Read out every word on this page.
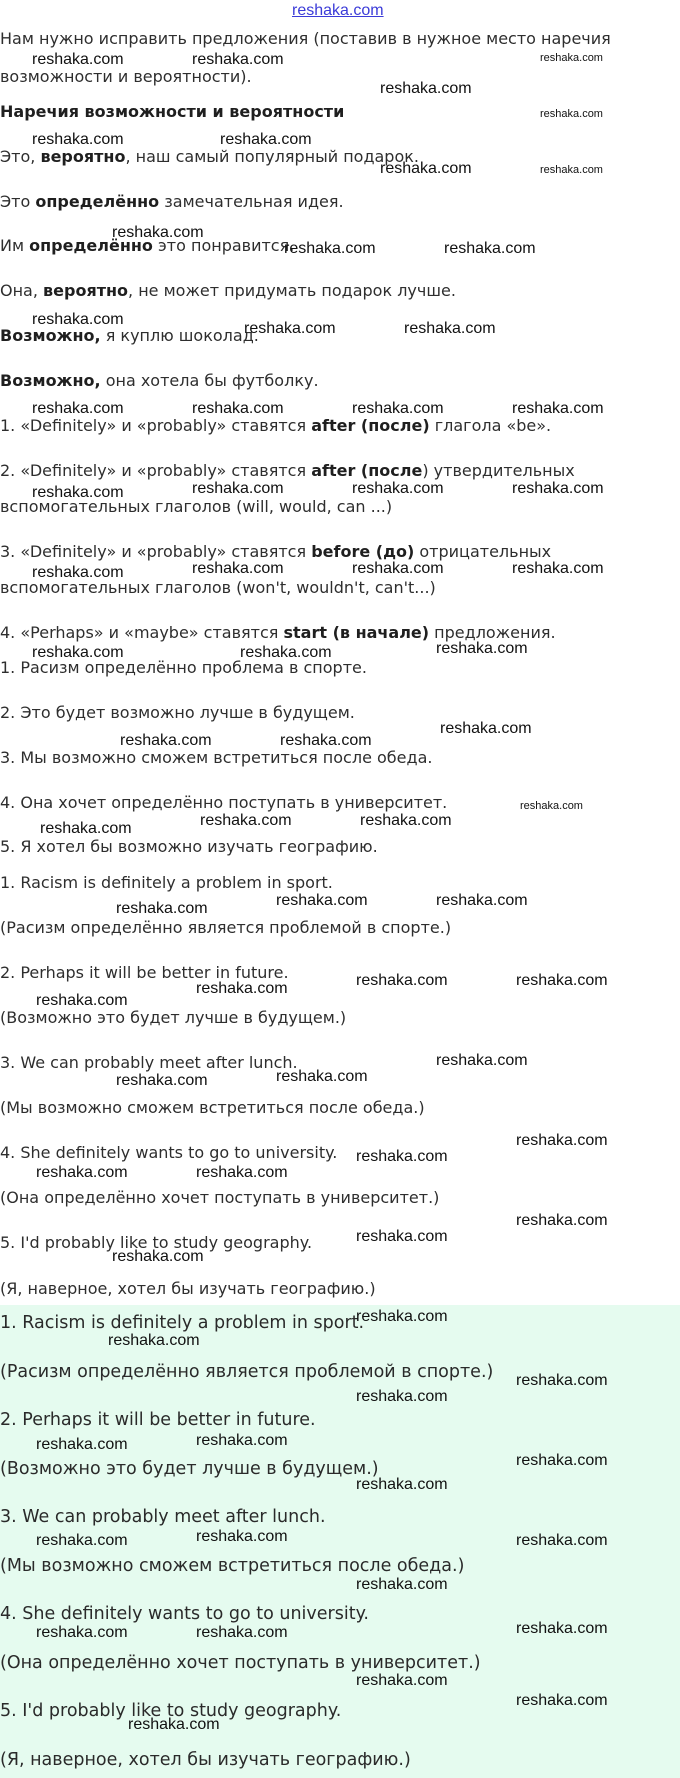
reshaka.com
Нам нужно исправить предложения (поставив в нужное место наречия
возможности и вероятности).
Наречия возможности и вероятности
Это, вероятно, наш самый популярный подарок.
Это определённо замечательная идея.
Им определённо это понравится.
Она, вероятно, не может придумать подарок лучше.
Возможно, я куплю шоколад.
Возможно, она хотела бы футболку.
1. «Definitely» и «probably» ставятся after (после) глагола «be».
2. «Definitely» и «probably» ставятся after (после) утвердительных
вспомогательных глаголов (will, would, can ...)
3. «Definitely» и «probably» ставятся before (до) отрицательных
вспомогательных глаголов (won't, wouldn't, can't...)
4. «Perhaps» и «maybe» ставятся start (в начале) предложения.
1. Расизм определённо проблема в спорте.
2. Это будет возможно лучше в будущем.
3. Мы возможно сможем встретиться после обеда.
4. Она хочет определённо поступать в университет.
5. Я хотел бы возможно изучать географию.
1. Racism is definitely a problem in sport.
(Расизм определённо является проблемой в спорте.)
2. Perhaps it will be better in future.
(Возможно это будет лучше в будущем.)
3. We can probably meet after lunch.
(Мы возможно сможем встретиться после обеда.)
4. She definitely wants to go to university.
(Она определённо хочет поступать в университет.)
5. I'd probably like to study geography.
(Я, наверное, хотел бы изучать географию.)
1. Racism is definitely a problem in sport.
(Расизм определённо является проблемой в спорте.)
2. Perhaps it will be better in future.
(Возможно это будет лучше в будущем.)
3. We can probably meet after lunch.
(Мы возможно сможем встретиться после обеда.)
4. She definitely wants to go to university.
(Она определённо хочет поступать в университет.)
5. I'd probably like to study geography.
(Я, наверное, хотел бы изучать географию.)
reshaka.com	reshaka.com	reshaka.com
reshaka.com
reshaka.com
reshaka.com	reshaka.com
reshaka.com	reshaka.com
reshaka.com
reshaka.com	reshaka.com
reshaka.com
reshaka.com	reshaka.com
reshaka.com	reshaka.com	reshaka.com	reshaka.com
reshaka.com	reshaka.com	reshaka.com
reshaka.com
reshaka.com	reshaka.com	reshaka.com
reshaka.com
reshaka.com
reshaka.com	reshaka.com
reshaka.com
reshaka.com	reshaka.com
reshaka.com
reshaka.com	reshaka.com
reshaka.com
reshaka.com	reshaka.com
reshaka.com
reshaka.com	reshaka.com
reshaka.com
reshaka.com
reshaka.com
reshaka.com
reshaka.com
reshaka.com
reshaka.com
reshaka.com	reshaka.com
reshaka.com
reshaka.com
reshaka.com
reshaka.com
reshaka.com
reshaka.com
reshaka.com
reshaka.com
reshaka.com
reshaka.com
reshaka.com
reshaka.com
reshaka.com	reshaka.com
reshaka.com
reshaka.com
reshaka.com	reshaka.com
reshaka.com
reshaka.com
reshaka.com
